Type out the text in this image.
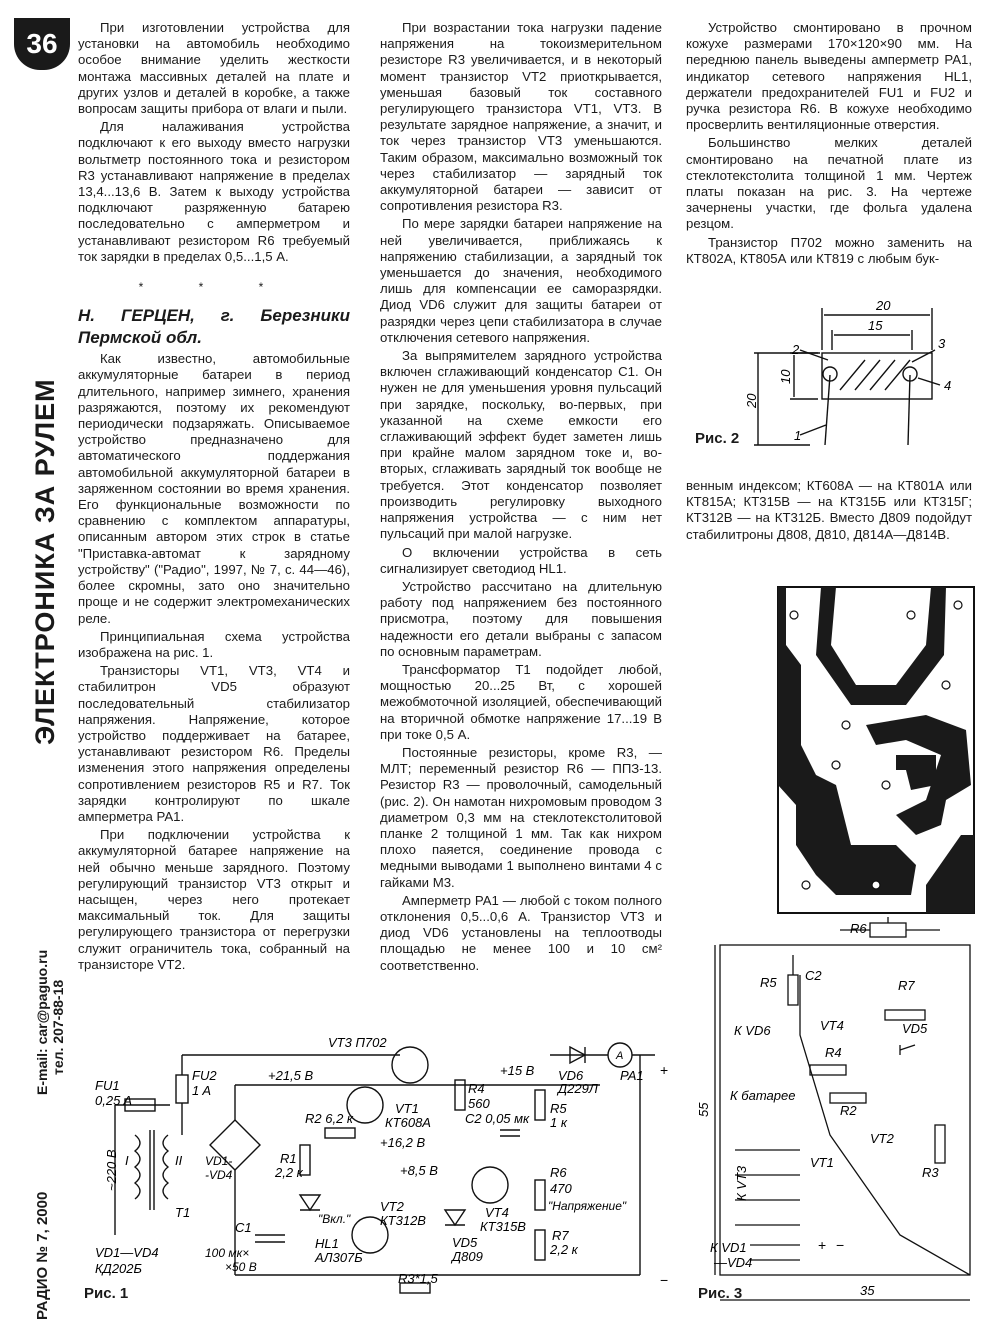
36
ЭЛЕКТРОНИКА ЗА РУЛЕМ
E-mail: car@paguo.ru тел. 207-88-18
РАДИО № 7, 2000

При изготовлении устройства для установки на автомобиль необходимо особое внимание уделить жесткости монтажа массивных деталей на плате и других узлов и деталей в коробке, а также вопросам защиты прибора от влаги и пыли.

Для налаживания устройства подключают к его выходу вместо нагрузки вольтметр постоянного тока и резистором R3 устанавливают напряжение в пределах 13,4...13,6 В. Затем к выходу устройства подключают разряженную батарею последовательно с амперметром и устанавливают резистором R6 требуемый ток зарядки в пределах 0,5...1,5 А.

* * *

Н. ГЕРЦЕН, г. Березники Пермской обл.

Как известно, автомобильные аккумуляторные батареи в период длительного, например зимнего, хранения разряжаются, поэтому их рекомендуют периодически подзаряжать. Описываемое устройство предназначено для автоматического поддержания автомобильной аккумуляторной батареи в заряженном состоянии во время хранения. Его функциональные возможности по сравнению с комплектом аппаратуры, описанным автором этих строк в статье "Приставка-автомат к зарядному устройству" ("Радио", 1997, № 7, с. 44—46), более скромны, зато оно значительно проще и не содержит электромеханических реле.

Принципиальная схема устройства изображена на рис. 1.

Транзисторы VT1, VT3, VT4 и стабилитрон VD5 образуют последовательный стабилизатор напряжения. Напряжение, которое устройство поддерживает на батарее, устанавливают резистором R6. Пределы изменения этого напряжения определены сопротивлением резисторов R5 и R7. Ток зарядки контролируют по шкале амперметра PA1.

При подключении устройства к аккумуляторной батарее напряжение на ней обычно меньше зарядного. Поэтому регулирующий транзистор VT3 открыт и насыщен, через него протекает максимальный ток. Для защиты регулирующего транзистора от перегрузки служит ограничитель тока, собранный на транзисторе VT2.

При возрастании тока нагрузки падение напряжения на токоизмерительном резисторе R3 увеличивается, и в некоторый момент транзистор VT2 приоткрывается, уменьшая базовый ток составного регулирующего транзистора VT1, VT3. В результате зарядное напряжение, а значит, и ток через транзистор VT3 уменьшаются. Таким образом, максимально возможный ток через стабилизатор — зарядный ток аккумуляторной батареи — зависит от сопротивления резистора R3.

По мере зарядки батареи напряжение на ней увеличивается, приближаясь к напряжению стабилизации, а зарядный ток уменьшается до значения, необходимого лишь для компенсации ее саморазрядки. Диод VD6 служит для защиты батареи от разрядки через цепи стабилизатора в случае отключения сетевого напряжения.

За выпрямителем зарядного устройства включен сглаживающий конденсатор C1. Он нужен не для уменьшения уровня пульсаций при зарядке, поскольку, во-первых, при указанной на схеме емкости его сглаживающий эффект будет заметен лишь при крайне малом зарядном токе и, во-вторых, сглаживать зарядный ток вообще не требуется. Этот конденсатор позволяет производить регулировку выходного напряжения устройства — с ним нет пульсаций при малой нагрузке.

О включении устройства в сеть сигнализирует светодиод HL1.

Устройство рассчитано на длительную работу под напряжением без постоянного присмотра, поэтому для повышения надежности его детали выбраны с запасом по основным параметрам.

Трансформатор T1 подойдет любой, мощностью 20...25 Вт, с хорошей межобмоточной изоляцией, обеспечивающий на вторичной обмотке напряжение 17...19 В при токе 0,5 А.

Постоянные резисторы, кроме R3, — МЛТ; переменный резистор R6 — ППЗ-13. Резистор R3 — проволочный, самодельный (рис. 2). Он намотан нихромовым проводом 3 диаметром 0,3 мм на стеклотекстолитовой планке 2 толщиной 1 мм. Так как нихром плохо паяется, соединение провода с медными выводами 1 выполнено винтами 4 с гайками М3.

Амперметр PA1 — любой с током полного отклонения 0,5...0,6 А. Транзистор VT3 и диод VD6 установлены на теплоотводы площадью не менее 100 и 10 см² соответственно.

Устройство смонтировано в прочном кожухе размерами 170×120×90 мм. На переднюю панель выведены амперметр PA1, индикатор сетевого напряжения HL1, держатели предохранителей FU1 и FU2 и ручка резистора R6. В кожухе необходимо просверлить вентиляционные отверстия.

Большинство мелких деталей смонтировано на печатной плате из стеклотекстолита толщиной 1 мм. Чертеж платы показан на рис. 3. На чертеже зачернены участки, где фольга удалена резцом.

Транзистор П702 можно заменить на КТ802А, КТ805А или КТ819 с любым бук-

венным индексом; КТ608А — на КТ801А или КТ815А; КТ315В — на КТ315Б или КТ315Г; КТ312В — на КТ312Б. Вместо Д809 подойдут стабилитроны Д808, Д810, Д814А—Д814В.

20
15
10
20
1
2	3
4
Рис. 2
R6
R5 C2
R7
К VD6	VT4	VD5
R4
К батарее
R2
VT2
VT1
R3
К VT3
К VD1
—VD4
55
35
+ −
Рис. 3
FU1
0,25 A
FU2
1 A
~220 В I	II
T1
VD1-
-VD4
+21,5 В
VT3 П702
R4
560
+15 В VD6
Д229Л
A
PA1
R2 6,2 к
VT1
КТ608А	C2 0,05 мк
R5
1 к
+16,2 В
R1
2,2 к	+8,5 В	R6
470
"Напряжение"
"Вкл."
VT2
КТ312В
VT4
КТ315В
C1
100 мк×
×50 В
HL1
АЛ307Б
VD5
Д809
R7
2,2 к
R3*1,5
VD1—VD4
КД202Б
+
−
Рис. 1
